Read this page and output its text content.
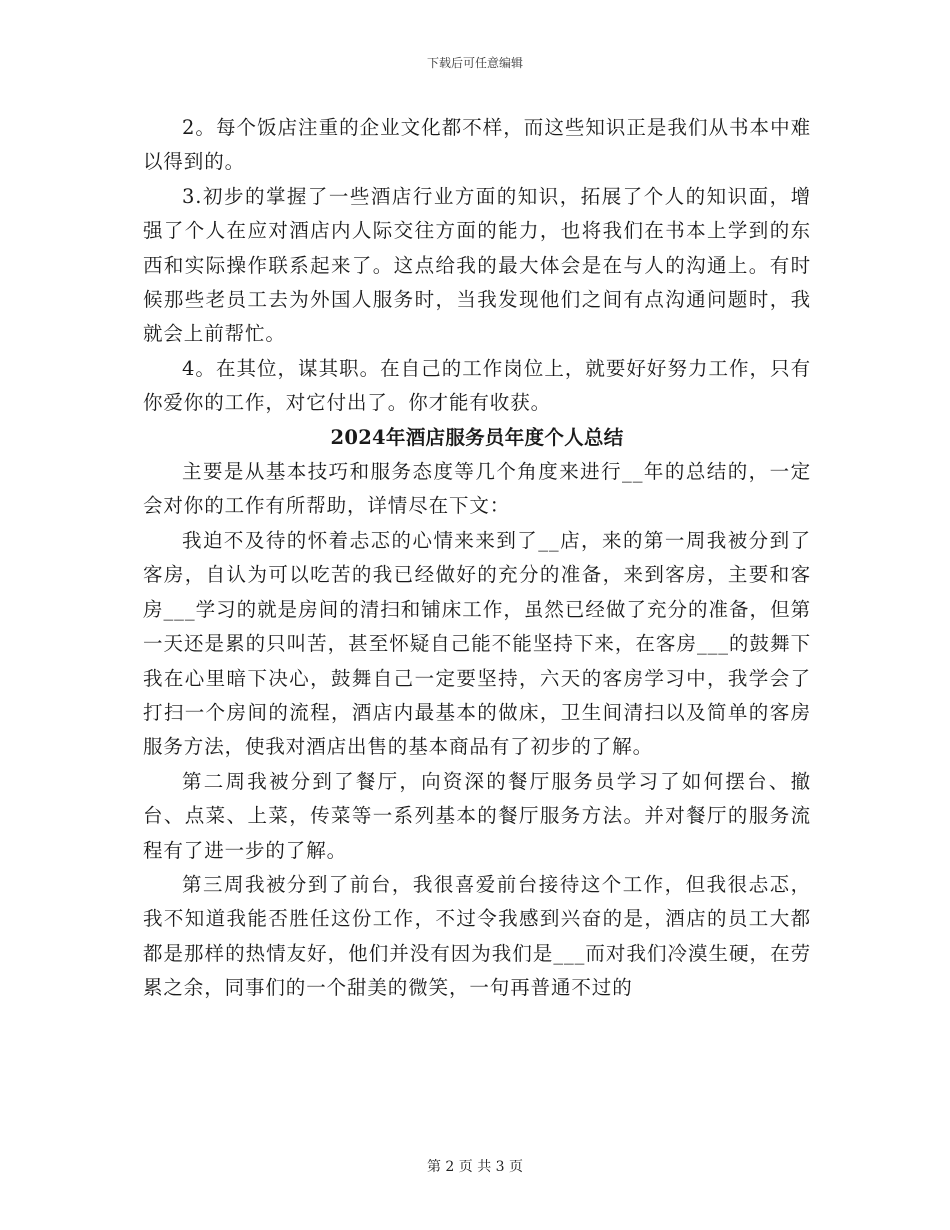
下载后可任意编辑

2。每个饭店注重的企业文化都不样，而这些知识正是我们从书本中难以得到的。

3.初步的掌握了一些酒店行业方面的知识，拓展了个人的知识面，增强了个人在应对酒店内人际交往方面的能力，也将我们在书本上学到的东西和实际操作联系起来了。这点给我的最大体会是在与人的沟通上。有时候那些老员工去为外国人服务时，当我发现他们之间有点沟通问题时，我就会上前帮忙。

4。在其位，谋其职。在自己的工作岗位上，就要好好努力工作，只有你爱你的工作，对它付出了。你才能有收获。

2024年酒店服务员年度个人总结

主要是从基本技巧和服务态度等几个角度来进行__年的总结的，一定会对你的工作有所帮助，详情尽在下文：

我迫不及待的怀着忐忑的心情来来到了__店，来的第一周我被分到了客房，自认为可以吃苦的我已经做好的充分的准备，来到客房，主要和客房___学习的就是房间的清扫和铺床工作，虽然已经做了充分的准备，但第一天还是累的只叫苦，甚至怀疑自己能不能坚持下来，在客房___的鼓舞下我在心里暗下决心，鼓舞自己一定要坚持，六天的客房学习中，我学会了打扫一个房间的流程，酒店内最基本的做床，卫生间清扫以及简单的客房服务方法，使我对酒店出售的基本商品有了初步的了解。

第二周我被分到了餐厅，向资深的餐厅服务员学习了如何摆台、撤台、点菜、上菜，传菜等一系列基本的餐厅服务方法。并对餐厅的服务流程有了进一步的了解。

第三周我被分到了前台，我很喜爱前台接待这个工作，但我很忐忑，我不知道我能否胜任这份工作，不过令我感到兴奋的是，酒店的员工大都都是那样的热情友好，他们并没有因为我们是___而对我们冷漠生硬，在劳累之余，同事们的一个甜美的微笑，一句再普通不过的

第 2 页 共 3 页
